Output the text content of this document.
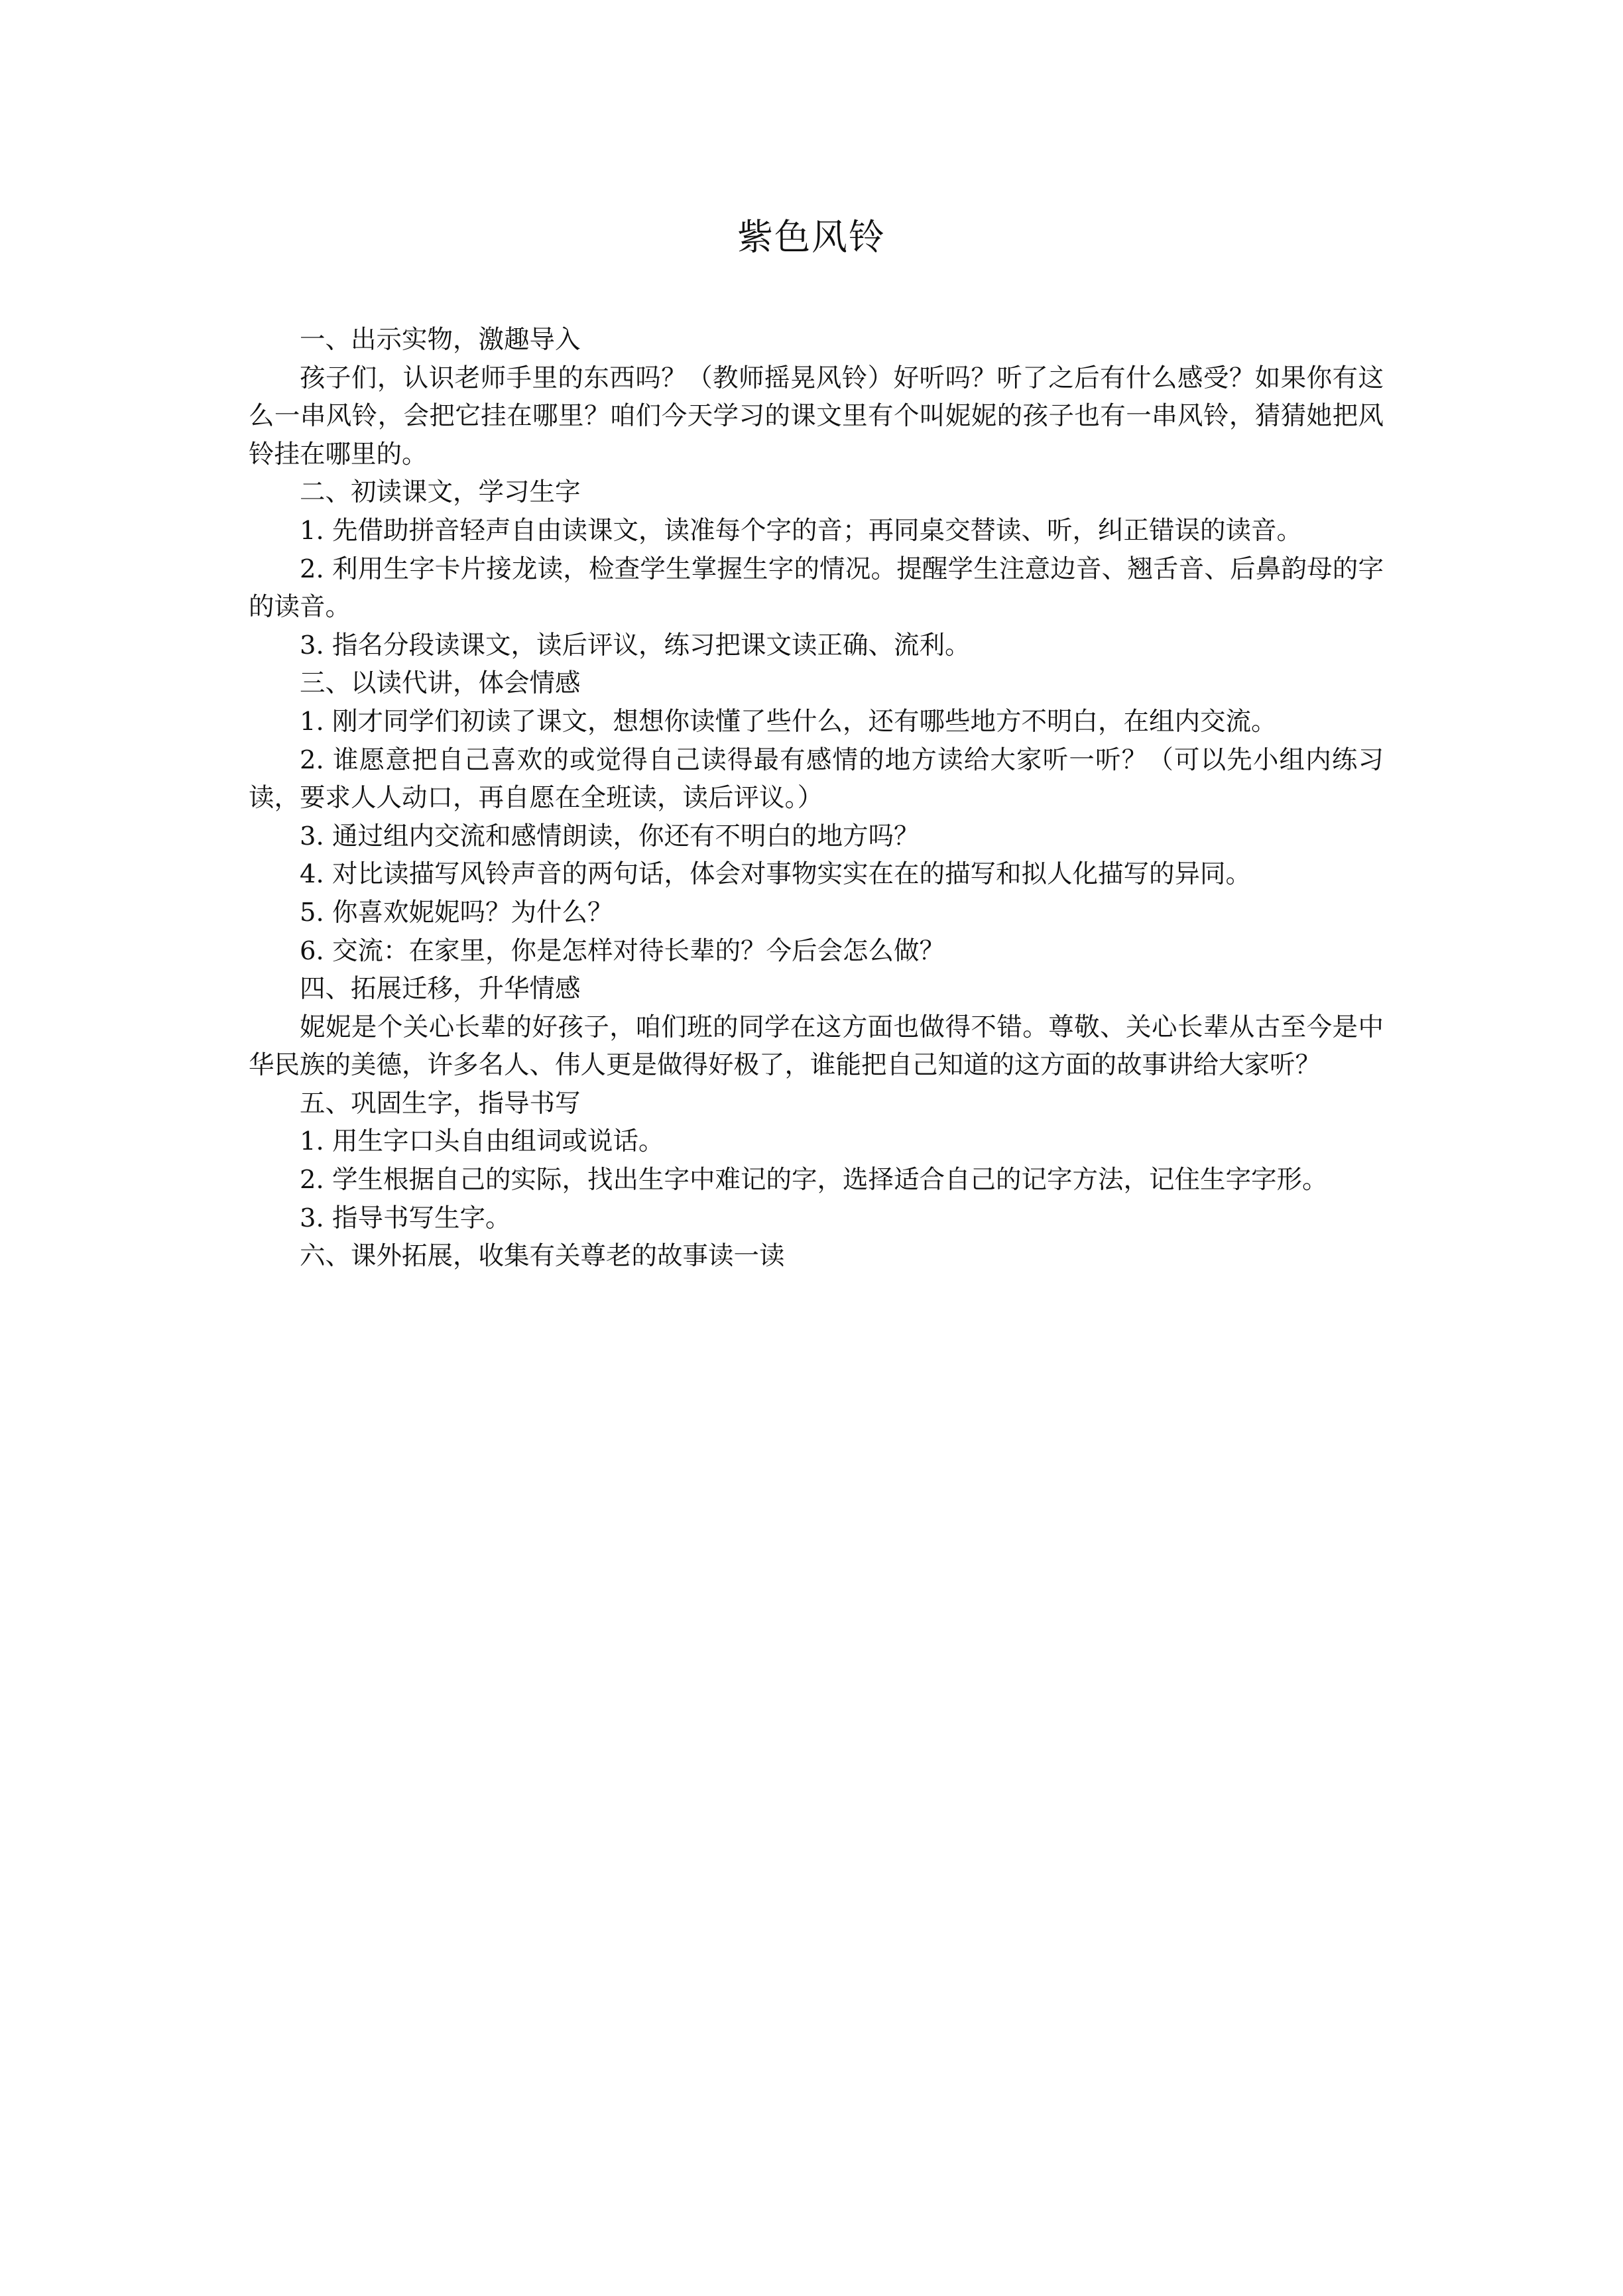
紫色风铃

一、出示实物，激趣导入

孩子们，认识老师手里的东西吗？（教师摇晃风铃）好听吗？听了之后有什么感受？如果你有这么一串风铃，会把它挂在哪里？咱们今天学习的课文里有个叫妮妮的孩子也有一串风铃，猜猜她把风铃挂在哪里的。

二、初读课文，学习生字

1. 先借助拼音轻声自由读课文，读准每个字的音；再同桌交替读、听，纠正错误的读音。

2. 利用生字卡片接龙读，检查学生掌握生字的情况。提醒学生注意边音、翘舌音、后鼻韵母的字的读音。

3. 指名分段读课文，读后评议，练习把课文读正确、流利。

三、以读代讲，体会情感

1. 刚才同学们初读了课文，想想你读懂了些什么，还有哪些地方不明白，在组内交流。

2. 谁愿意把自己喜欢的或觉得自己读得最有感情的地方读给大家听一听？（可以先小组内练习读，要求人人动口，再自愿在全班读，读后评议。）

3. 通过组内交流和感情朗读，你还有不明白的地方吗？

4. 对比读描写风铃声音的两句话，体会对事物实实在在的描写和拟人化描写的异同。

5. 你喜欢妮妮吗？为什么？

6. 交流：在家里，你是怎样对待长辈的？今后会怎么做？

四、拓展迁移，升华情感

妮妮是个关心长辈的好孩子，咱们班的同学在这方面也做得不错。尊敬、关心长辈从古至今是中华民族的美德，许多名人、伟人更是做得好极了，谁能把自己知道的这方面的故事讲给大家听？

五、巩固生字，指导书写

1. 用生字口头自由组词或说话。

2. 学生根据自己的实际，找出生字中难记的字，选择适合自己的记字方法，记住生字字形。

3. 指导书写生字。

六、课外拓展，收集有关尊老的故事读一读
